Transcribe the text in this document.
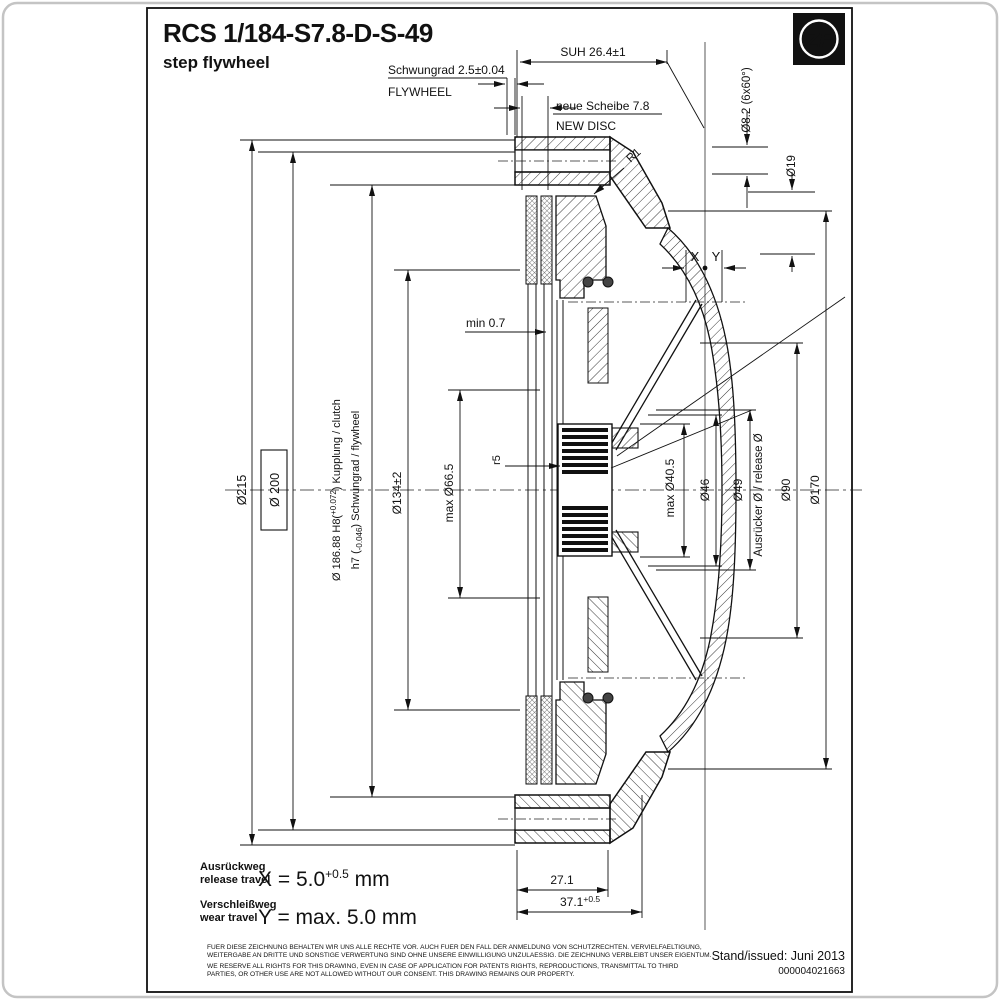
RCS 1/184-S7.8-D-S-49
step flywheel
ZF
SUH 26.4±1
Schwungrad 2.5±0.04
FLYWHEEL
neue Scheibe 7.8
NEW DISC
R1
Ø8.2 (6x60°)
Ø19
Ø215 Ø 200
Ø 186.88 H8($^{+0.072}$) Kupplung / clutch
h7 $(_{-0.046})$ Schwungrad / flywheel Ø134±2	max Ø66.5
min 0.7
r5
X Y
max Ø40.5 Ø46 Ø49 Ausrücker Ø / release Ø Ø90 Ø170
27.1
$37.1^{+0.5}$
Ausrückweg
release travel
$X = 5.0^{+0.5}$ mm
Verschleißweg
wear travel Y = max. 5.0 mm
FUER DIESE ZEICHNUNG BEHALTEN WIR UNS ALLE RECHTE VOR. AUCH FUER DEN FALL DER ANMELDUNG VON SCHUTZRECHTEN. VERVIELFAELTIGUNG,
WEITERGABE AN DRITTE UND SONSTIGE VERWERTUNG SIND OHNE UNSERE EINWILLIGUNG UNZULAESSIG. DIE ZEICHNUNG VERBLEIBT UNSER EIGENTUM.
WE RESERVE ALL RIGHTS FOR THIS DRAWING, EVEN IN CASE OF APPLICATION FOR PATENTS RIGHTS, REPRODUCTIONS, TRANSMITTAL TO THIRD
PARTIES, OR OTHER USE ARE NOT ALLOWED WITHOUT OUR CONSENT. THIS DRAWING REMAINS OUR PROPERTY.
Stand/issued: Juni 2013
000004021663
